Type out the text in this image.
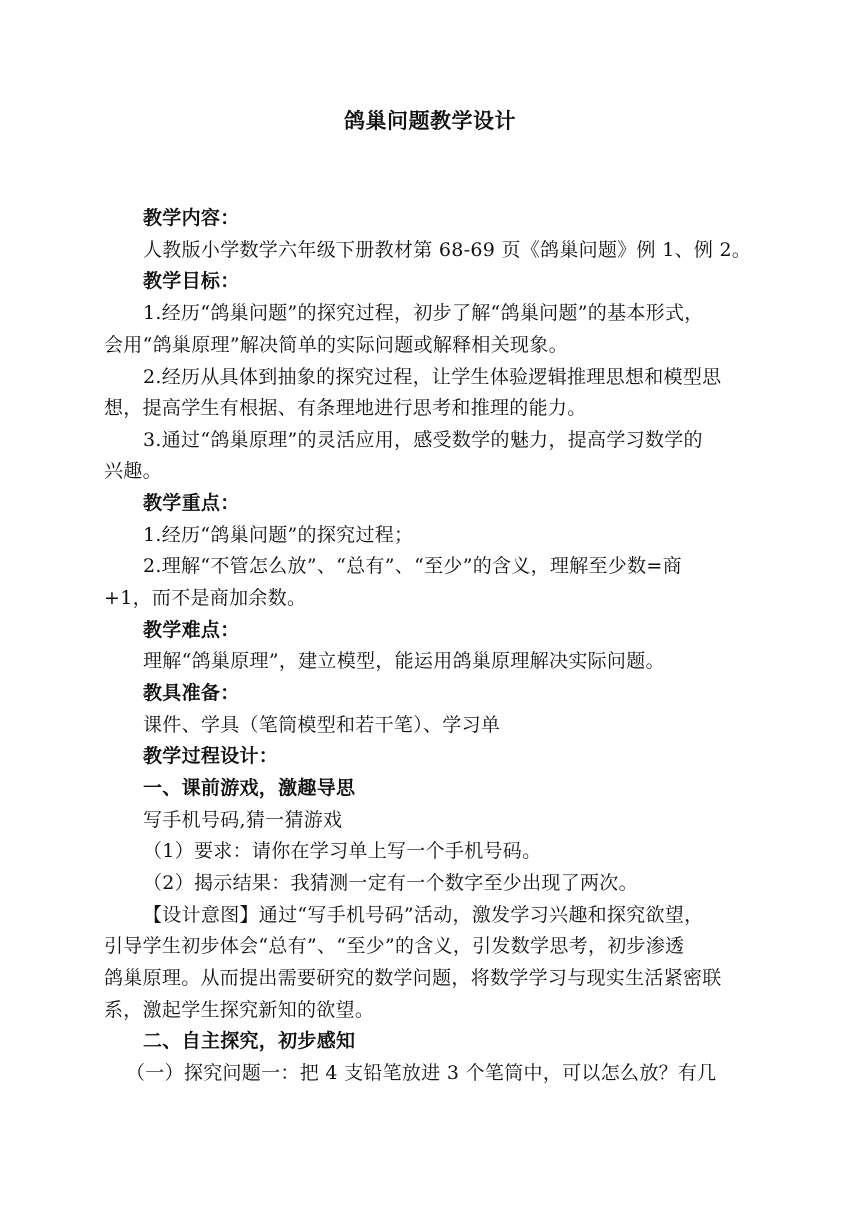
鸽巢问题教学设计
教学内容：
人教版小学数学六年级下册教材第 68-69 页《鸽巢问题》例 1、例 2。
教学目标：
1.经历“鸽巢问题”的探究过程，初步了解“鸽巢问题”的基本形式，
会用“鸽巢原理”解决简单的实际问题或解释相关现象。
2.经历从具体到抽象的探究过程，让学生体验逻辑推理思想和模型思
想，提高学生有根据、有条理地进行思考和推理的能力。
3.通过“鸽巢原理”的灵活应用，感受数学的魅力，提高学习数学的
兴趣。
教学重点：
1.经历“鸽巢问题”的探究过程；
2.理解“不管怎么放”、“总有”、“至少”的含义，理解至少数=商
+1，而不是商加余数。
教学难点：
理解“鸽巢原理”，建立模型，能运用鸽巢原理解决实际问题。
教具准备：
课件、学具（笔筒模型和若干笔）、学习单
教学过程设计：
一、课前游戏，激趣导思
写手机号码,猜一猜游戏
（1）要求：请你在学习单上写一个手机号码。
（2）揭示结果：我猜测一定有一个数字至少出现了两次。
【设计意图】通过“写手机号码”活动，激发学习兴趣和探究欲望，
引导学生初步体会“总有”、“至少”的含义，引发数学思考，初步渗透
鸽巢原理。从而提出需要研究的数学问题，将数学学习与现实生活紧密联
系，激起学生探究新知的欲望。
二、自主探究，初步感知
（一）探究问题一：把 4 支铅笔放进 3 个笔筒中，可以怎么放？有几
